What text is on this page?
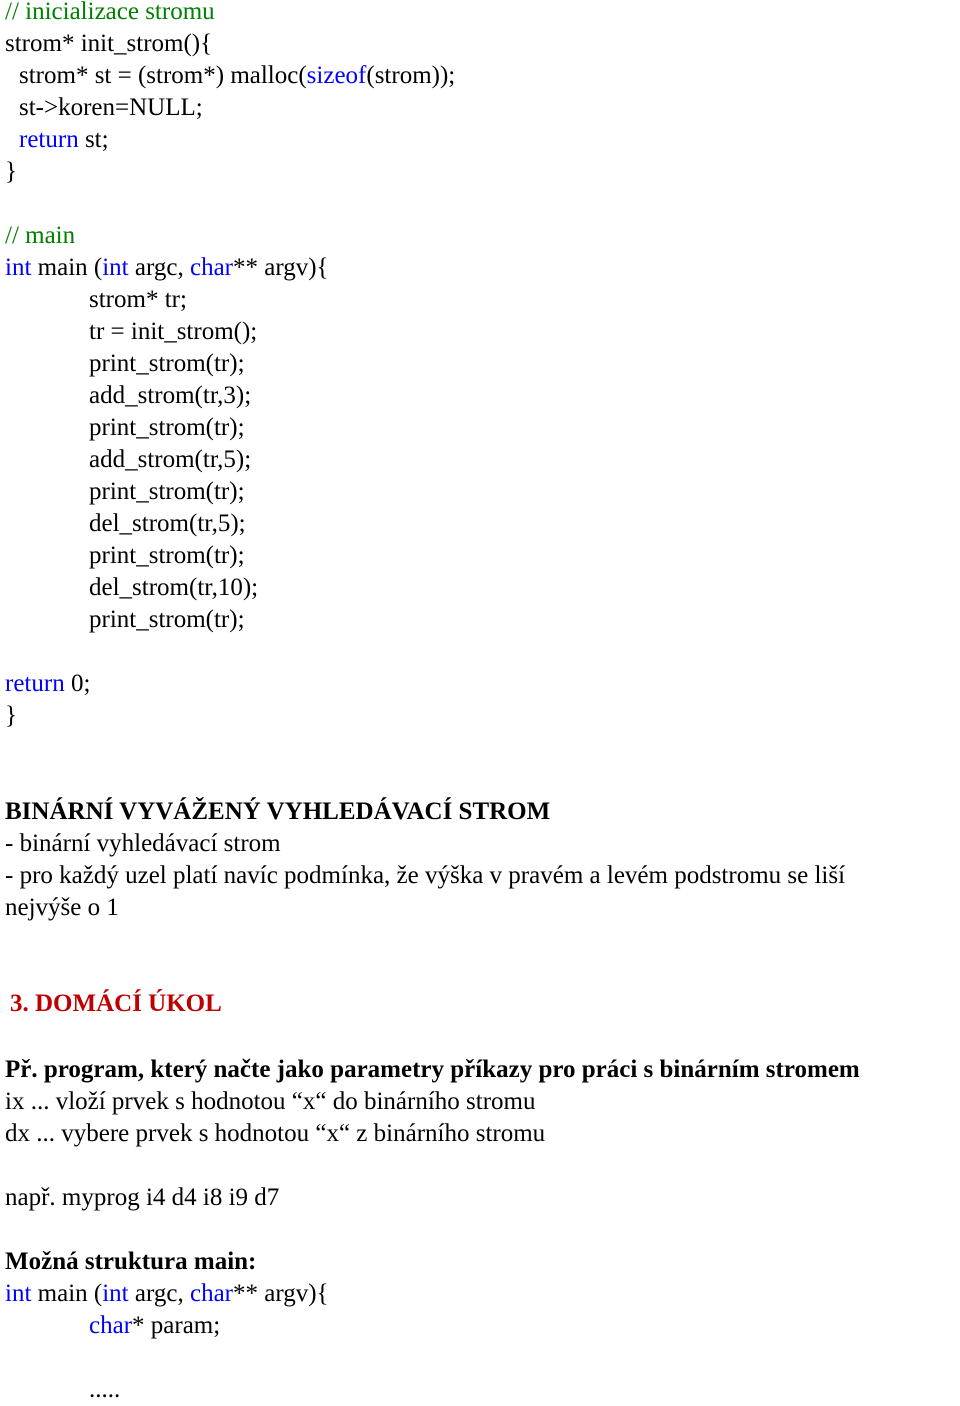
// inicializace stromu
strom* init_strom(){
strom* st = (strom*) malloc(sizeof(strom));
st->koren=NULL;
return st;
}
// main
int main (int argc, char** argv){
strom* tr;
tr = init_strom();
print_strom(tr);
add_strom(tr,3);
print_strom(tr);
add_strom(tr,5);
print_strom(tr);
del_strom(tr,5);
print_strom(tr);
del_strom(tr,10);
print_strom(tr);
return 0;
}
BINÁRNÍ VYVÁŽENÝ VYHLEDÁVACÍ STROM
- binární vyhledávací strom
- pro každý uzel platí navíc podmínka, že výška v pravém a levém podstromu se liší
nejvýše o 1
3. DOMÁCÍ ÚKOL
Př. program, který načte jako parametry příkazy pro práci s binárním stromem
ix ... vloží prvek s hodnotou “x“ do binárního stromu
dx ... vybere prvek s hodnotou “x“ z binárního stromu
např. myprog i4 d4 i8 i9 d7
Možná struktura main:
int main (int argc, char** argv){
char* param;
.....
